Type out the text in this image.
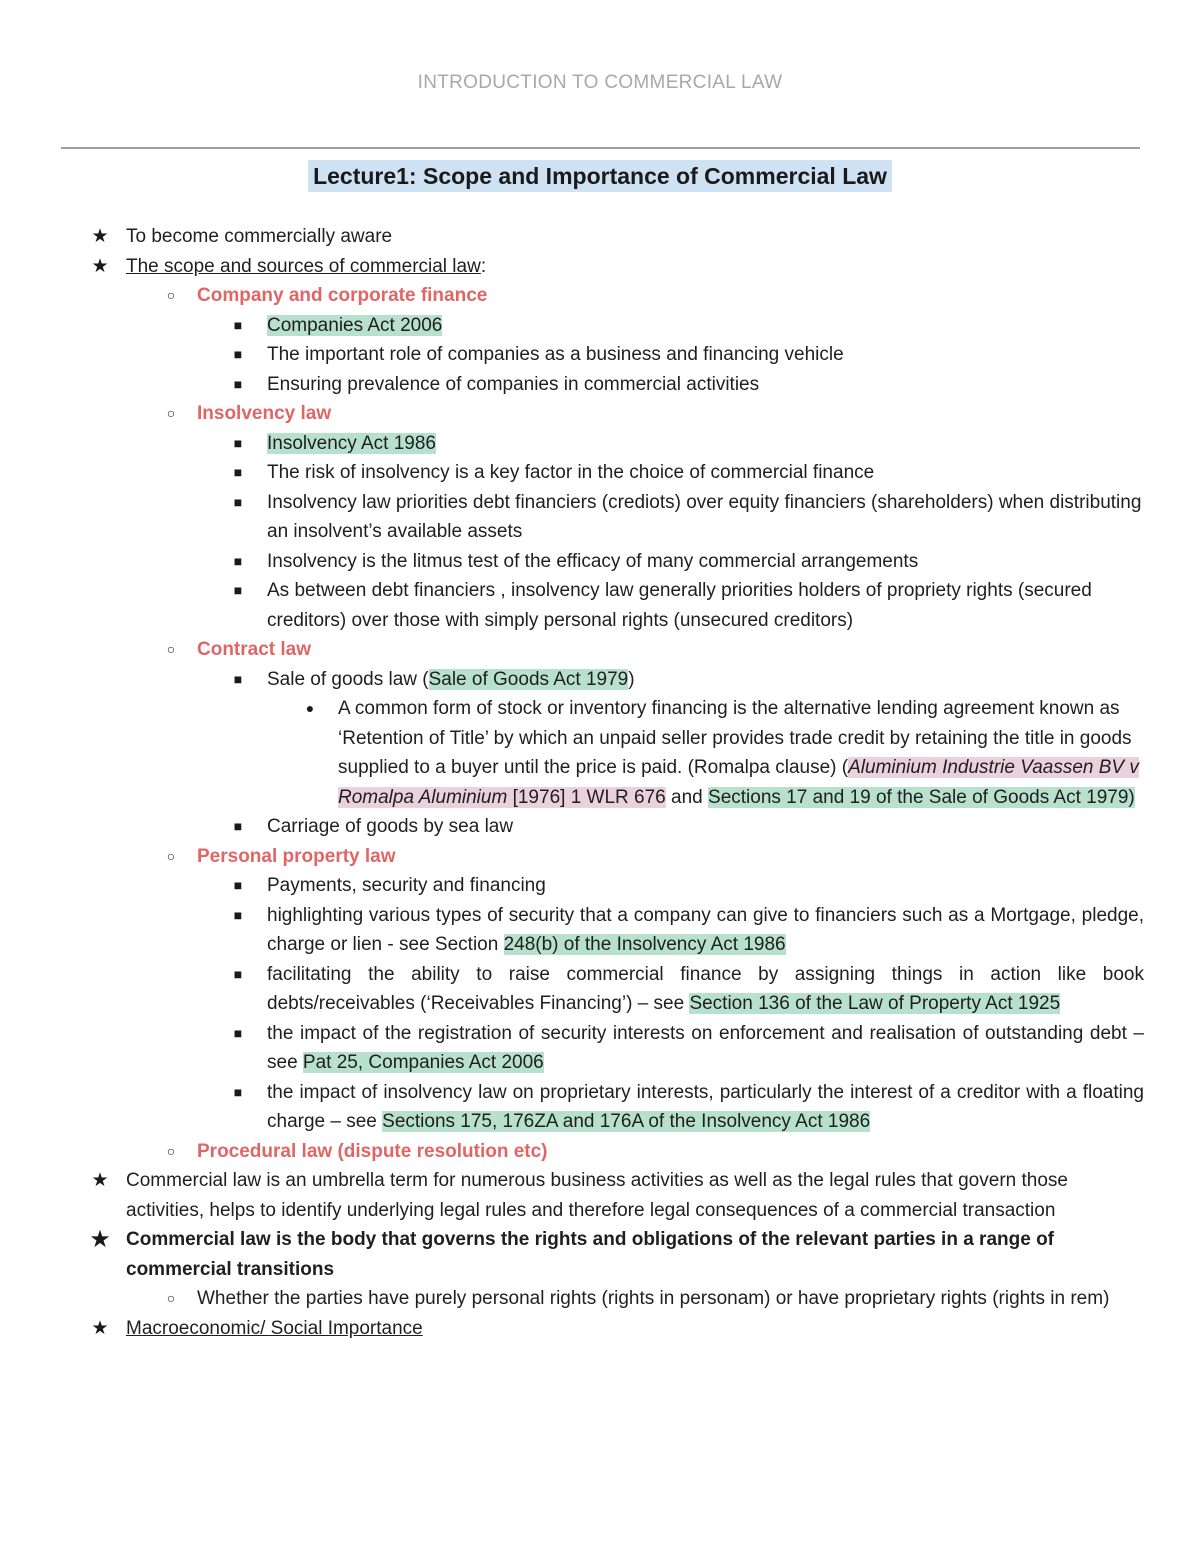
INTRODUCTION TO COMMERCIAL LAW
Lecture1: Scope and Importance of Commercial Law
★ To become commercially aware
★ The scope and sources of commercial law:
○	Company and corporate finance
■	Companies Act 2006
■	The important role of companies as a business and financing vehicle
■	Ensuring prevalence of companies in commercial activities
○	Insolvency law
■	Insolvency Act 1986
■	The risk of insolvency is a key factor in the choice of commercial finance
■	Insolvency law priorities debt financiers (crediots) over equity financiers (shareholders) when distributing an insolvent’s available assets
■	Insolvency is the litmus test of the efficacy of many commercial arrangements
■	As between debt financiers , insolvency law generally priorities holders of propriety rights (secured creditors) over those with simply personal rights (unsecured creditors)
○	Contract law
■	Sale of goods law (Sale of Goods Act 1979)
●	A common form of stock or inventory financing is the alternative lending agreement known as ‘Retention of Title’ by which an unpaid seller provides trade credit by retaining the title in goods supplied to a buyer until the price is paid. (Romalpa clause) (Aluminium Industrie Vaassen BV v Romalpa Aluminium [1976] 1 WLR 676 and Sections 17 and 19 of the Sale of Goods Act 1979)
■	Carriage of goods by sea law
○	Personal property law
■	Payments, security and financing
■	highlighting various types of security that a company can give to financiers such as a Mortgage, pledge, charge or lien - see Section 248(b) of the Insolvency Act 1986
■	facilitating the ability to raise commercial finance by assigning things in action like book debts/receivables (‘Receivables Financing’) – see Section 136 of the Law of Property Act 1925
■	the impact of the registration of security interests on enforcement and realisation of outstanding debt – see Pat 25, Companies Act 2006
■	the impact of insolvency law on proprietary interests, particularly the interest of a creditor with a floating charge – see Sections 175, 176ZA and 176A of the Insolvency Act 1986
○	Procedural law (dispute resolution etc)
★ Commercial law is an umbrella term for numerous business activities as well as the legal rules that govern those activities, helps to identify underlying legal rules and therefore legal consequences of a commercial transaction
★ Commercial law is the body that governs the rights and obligations of the relevant parties in a range of commercial transitions
○	Whether the parties have purely personal rights (rights in personam) or have proprietary rights (rights in rem)
★ Macroeconomic/ Social Importance
